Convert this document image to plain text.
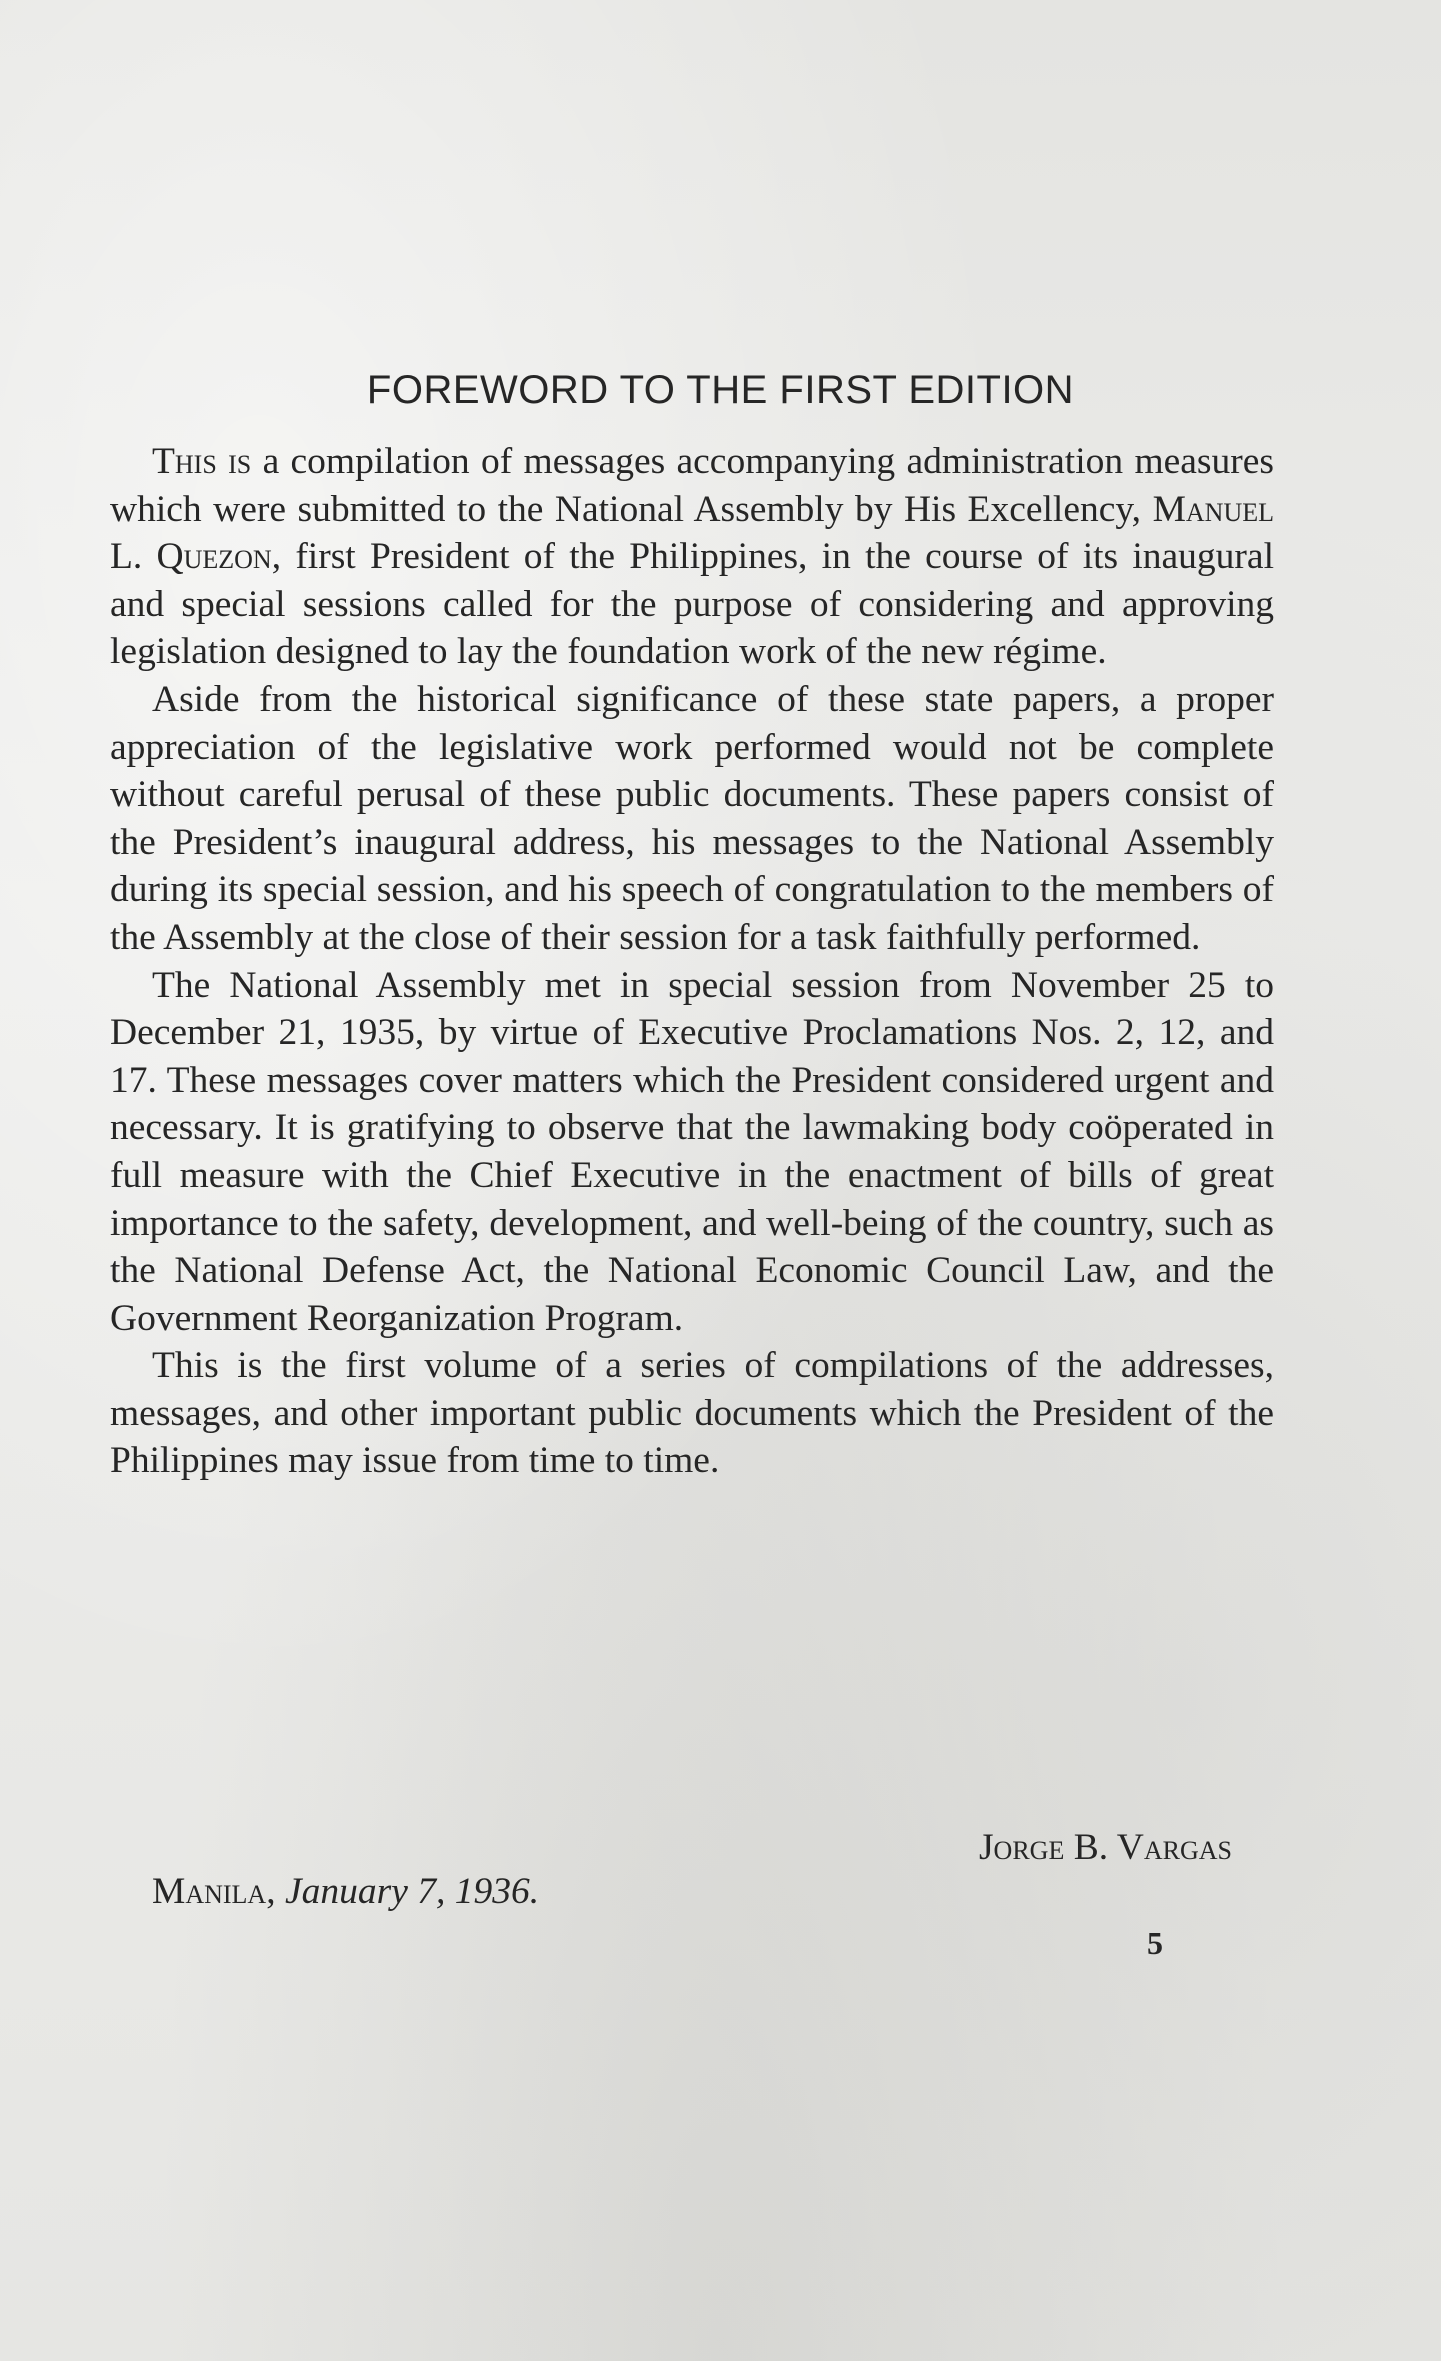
FOREWORD TO THE FIRST EDITION

This is a compilation of messages accompanying administration measures which were submitted to the National Assembly by His Excellency, Manuel L. Quezon, first President of the Philippines, in the course of its inaugural and special sessions called for the purpose of considering and approving legislation designed to lay the foundation work of the new régime.

Aside from the historical significance of these state papers, a proper appreciation of the legislative work performed would not be complete without careful perusal of these public documents. These papers consist of the President’s inaugural address, his messages to the National Assembly during its special session, and his speech of congratulation to the members of the Assembly at the close of their session for a task faithfully performed.

The National Assembly met in special session from November 25 to December 21, 1935, by virtue of Executive Proclamations Nos. 2, 12, and 17. These messages cover matters which the President considered urgent and necessary. It is gratifying to observe that the lawmaking body coöperated in full measure with the Chief Executive in the enactment of bills of great importance to the safety, development, and well-being of the country, such as the National Defense Act, the National Economic Council Law, and the Government Reorganization Program.

This is the first volume of a series of compilations of the addresses, messages, and other important public documents which the President of the Philippines may issue from time to time.

Jorge B. Vargas
Manila, January 7, 1936.
5
